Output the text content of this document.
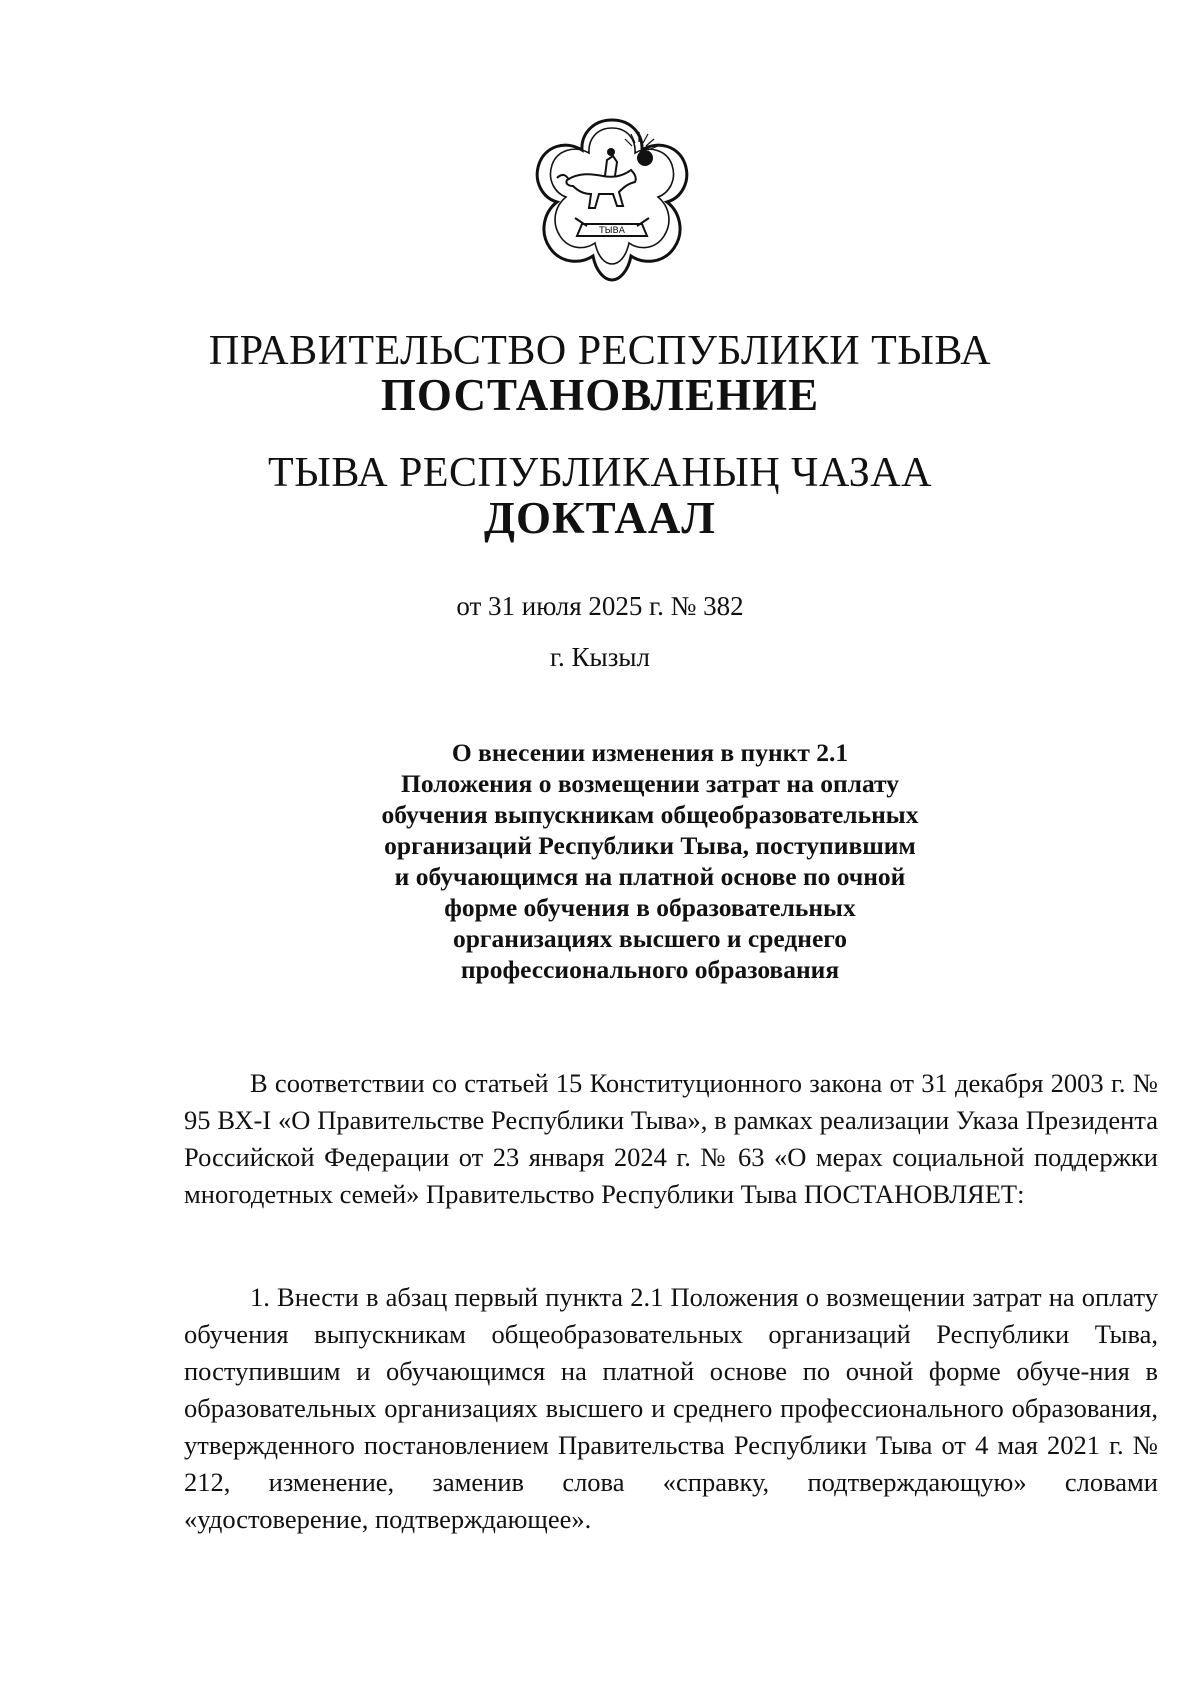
ТЫВА
ПРАВИТЕЛЬСТВО РЕСПУБЛИКИ ТЫВА
ПОСТАНОВЛЕНИЕ
ТЫВА РЕСПУБЛИКАНЫҢ ЧАЗАА
ДОКТААЛ
от 31 июля 2025 г. № 382
г. Кызыл
О внесении изменения в пункт 2.1
Положения о возмещении затрат на оплату
обучения выпускникам общеобразовательных
организаций Республики Тыва, поступившим
и обучающимся на платной основе по очной
форме обучения в образовательных
организациях высшего и среднего
профессионального образования

В соответствии со статьей 15 Конституционного закона от 31 декабря 2003 г. № 95 ВХ-I «О Правительстве Республики Тыва», в рамках реализации Указа Президента Российской Федерации от 23 января 2024 г. № 63 «О мерах социальной поддержки многодетных семей» Правительство Республики Тыва ПОСТАНОВЛЯЕТ:

1. Внести в абзац первый пункта 2.1 Положения о возмещении затрат на оплату обучения выпускникам общеобразовательных организаций Республики Тыва, поступившим и обучающимся на платной основе по очной форме обуче-ния в образовательных организациях высшего и среднего профессионального образования, утвержденного постановлением Правительства Республики Тыва от 4 мая 2021 г. № 212, изменение, заменив слова «справку, подтверждающую» словами «удостоверение, подтверждающее».
